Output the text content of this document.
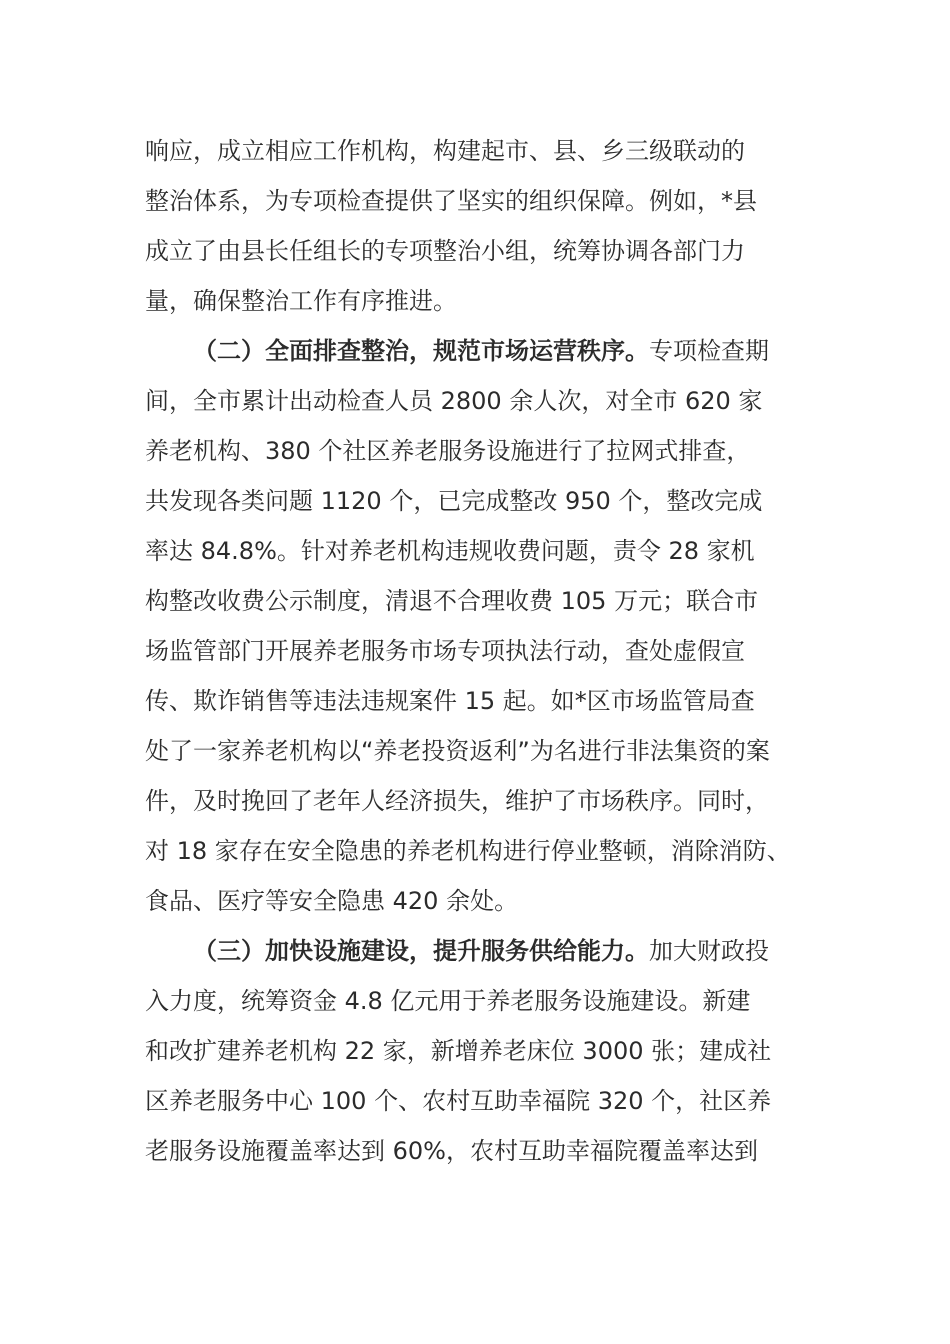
响应，成立相应工作机构，构建起市、县、乡三级联动的
整治体系，为专项检查提供了坚实的组织保障。例如，*县
成立了由县长任组长的专项整治小组，统筹协调各部门力
量，确保整治工作有序推进。
（二）全面排查整治，规范市场运营秩序。专项检查期
间，全市累计出动检查人员 2800 余人次，对全市 620 家
养老机构、380 个社区养老服务设施进行了拉网式排查，
共发现各类问题 1120 个，已完成整改 950 个，整改完成
率达 84.8%。针对养老机构违规收费问题，责令 28 家机
构整改收费公示制度，清退不合理收费 105 万元；联合市
场监管部门开展养老服务市场专项执法行动，查处虚假宣
传、欺诈销售等违法违规案件 15 起。如*区市场监管局查
处了一家养老机构以“养老投资返利”为名进行非法集资的案
件，及时挽回了老年人经济损失，维护了市场秩序。同时，
对 18 家存在安全隐患的养老机构进行停业整顿，消除消防、
食品、医疗等安全隐患 420 余处。
（三）加快设施建设，提升服务供给能力。加大财政投
入力度，统筹资金 4.8 亿元用于养老服务设施建设。新建
和改扩建养老机构 22 家，新增养老床位 3000 张；建成社
区养老服务中心 100 个、农村互助幸福院 320 个，社区养
老服务设施覆盖率达到 60%，农村互助幸福院覆盖率达到
